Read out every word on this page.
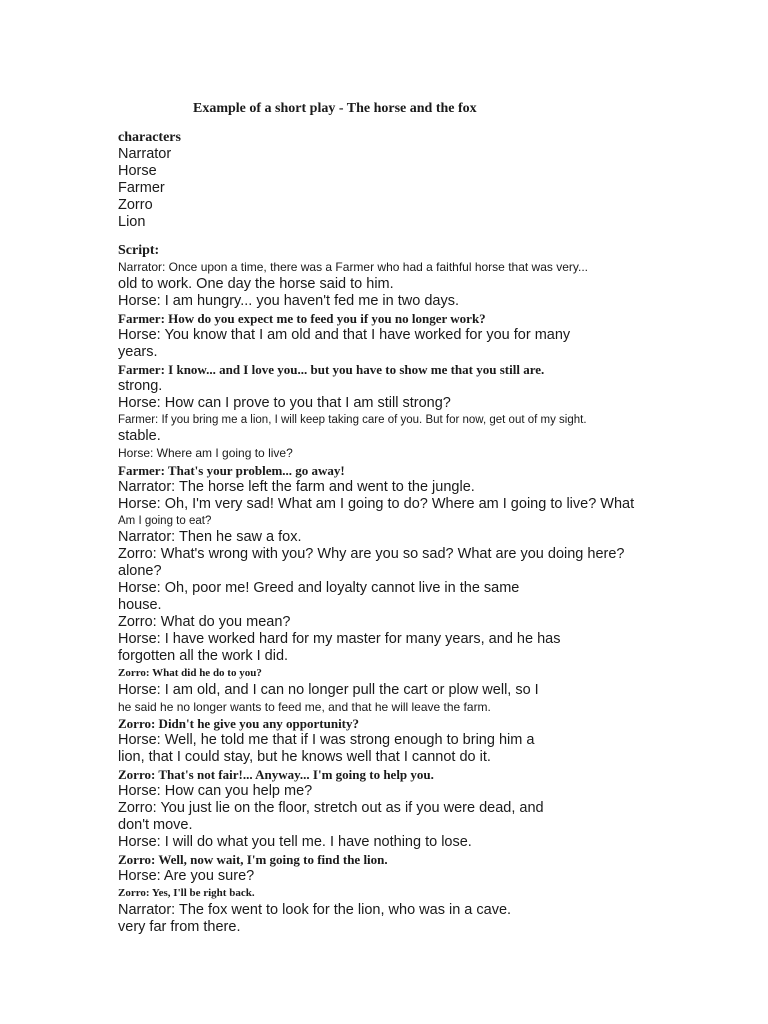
Example of a short play - The horse and the fox
characters
Narrator
Horse
Farmer
Zorro
Lion
Script:
Narrator: Once upon a time, there was a Farmer who had a faithful horse that was very...
old to work. One day the horse said to him.
Horse: I am hungry... you haven't fed me in two days.
Farmer: How do you expect me to feed you if you no longer work?
Horse: You know that I am old and that I have worked for you for many
years.
Farmer: I know... and I love you... but you have to show me that you still are.
strong.
Horse: How can I prove to you that I am still strong?
Farmer: If you bring me a lion, I will keep taking care of you. But for now, get out of my sight.
stable.
Horse: Where am I going to live?
Farmer: That's your problem... go away!
Narrator: The horse left the farm and went to the jungle.
Horse: Oh, I'm very sad! What am I going to do? Where am I going to live? What
Am I going to eat?
Narrator: Then he saw a fox.
Zorro: What's wrong with you? Why are you so sad? What are you doing here?
alone?
Horse: Oh, poor me! Greed and loyalty cannot live in the same
house.
Zorro: What do you mean?
Horse: I have worked hard for my master for many years, and he has
forgotten all the work I did.
Zorro: What did he do to you?
Horse: I am old, and I can no longer pull the cart or plow well, so I
he said he no longer wants to feed me, and that he will leave the farm.
Zorro: Didn't he give you any opportunity?
Horse: Well, he told me that if I was strong enough to bring him a
lion, that I could stay, but he knows well that I cannot do it.
Zorro: That's not fair!... Anyway... I'm going to help you.
Horse: How can you help me?
Zorro: You just lie on the floor, stretch out as if you were dead, and
don't move.
Horse: I will do what you tell me. I have nothing to lose.
Zorro: Well, now wait, I'm going to find the lion.
Horse: Are you sure?
Zorro: Yes, I'll be right back.
Narrator: The fox went to look for the lion, who was in a cave.
very far from there.
